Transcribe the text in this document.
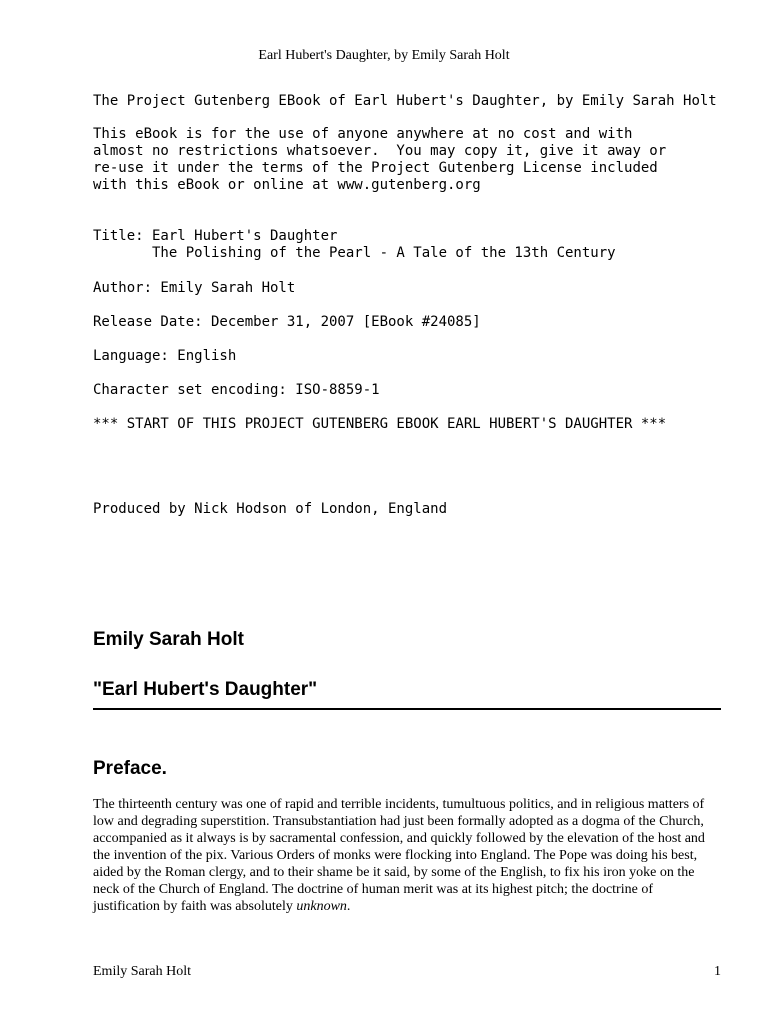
Earl Hubert's Daughter, by Emily Sarah Holt

The Project Gutenberg EBook of Earl Hubert's Daughter, by Emily Sarah Holt

This eBook is for the use of anyone anywhere at no cost and with
almost no restrictions whatsoever.  You may copy it, give it away or
re-use it under the terms of the Project Gutenberg License included
with this eBook or online at www.gutenberg.org
Title: Earl Hubert's Daughter
The Polishing of the Pearl - A Tale of the 13th Century

Author: Emily Sarah Holt

Release Date: December 31, 2007 [EBook #24085]

Language: English

Character set encoding: ISO-8859-1

*** START OF THIS PROJECT GUTENBERG EBOOK EARL HUBERT'S DAUGHTER ***

Produced by Nick Hodson of London, England

Emily Sarah Holt
"Earl Hubert's Daughter"
Preface.

The thirteenth century was one of rapid and terrible incidents, tumultuous politics, and in religious matters of
low and degrading superstition. Transubstantiation had just been formally adopted as a dogma of the Church,
accompanied as it always is by sacramental confession, and quickly followed by the elevation of the host and
the invention of the pix. Various Orders of monks were flocking into England. The Pope was doing his best,
aided by the Roman clergy, and to their shame be it said, by some of the English, to fix his iron yoke on the
neck of the Church of England. The doctrine of human merit was at its highest pitch; the doctrine of
justification by faith was absolutely unknown.

Emily Sarah Holt	1
